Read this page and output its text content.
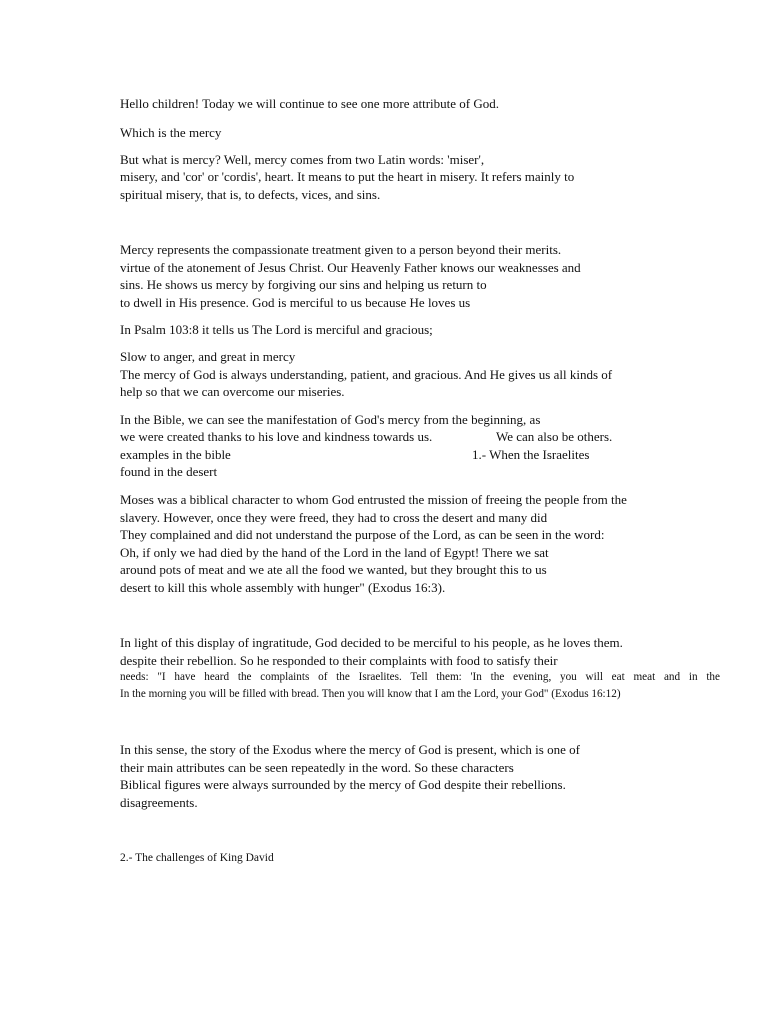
Hello children! Today we will continue to see one more attribute of God.
Which is the mercy
But what is mercy? Well, mercy comes from two Latin words: 'miser',
misery, and 'cor' or 'cordis', heart. It means to put the heart in misery. It refers mainly to
spiritual misery, that is, to defects, vices, and sins.
Mercy represents the compassionate treatment given to a person beyond their merits.
virtue of the atonement of Jesus Christ. Our Heavenly Father knows our weaknesses and
sins. He shows us mercy by forgiving our sins and helping us return to
to dwell in His presence. God is merciful to us because He loves us
In Psalm 103:8 it tells us The Lord is merciful and gracious;
Slow to anger, and great in mercy
The mercy of God is always understanding, patient, and gracious. And He gives us all kinds of
help so that we can overcome our miseries.
In the Bible, we can see the manifestation of God's mercy from the beginning, as
we were created thanks to his love and kindness towards us.	We can also be others.
examples in the bible	1.- When the Israelites
found in the desert
Moses was a biblical character to whom God entrusted the mission of freeing the people from the
slavery. However, once they were freed, they had to cross the desert and many did
They complained and did not understand the purpose of the Lord, as can be seen in the word:
Oh, if only we had died by the hand of the Lord in the land of Egypt! There we sat
around pots of meat and we ate all the food we wanted, but they brought this to us
desert to kill this whole assembly with hunger" (Exodus 16:3).
In light of this display of ingratitude, God decided to be merciful to his people, as he loves them.
despite their rebellion. So he responded to their complaints with food to satisfy their
needs: "I have heard the complaints of the Israelites. Tell them: 'In the evening, you will eat meat and in the
In the morning you will be filled with bread. Then you will know that I am the Lord, your God" (Exodus 16:12)
In this sense, the story of the Exodus where the mercy of God is present, which is one of
their main attributes can be seen repeatedly in the word. So these characters
Biblical figures were always surrounded by the mercy of God despite their rebellions.
disagreements.
2.- The challenges of King David
